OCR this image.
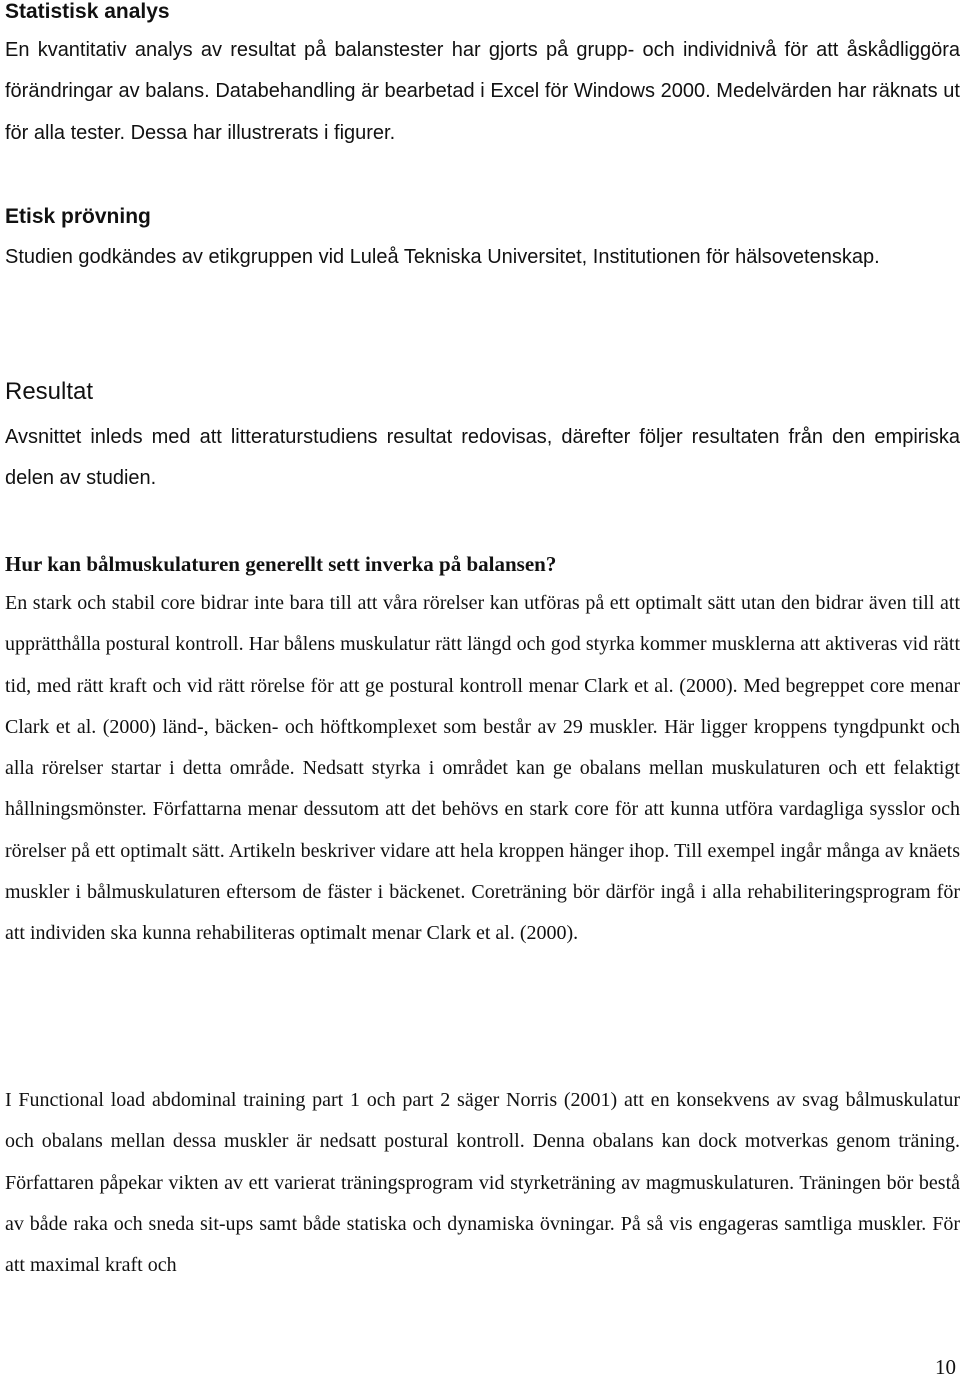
Statistisk analys

En kvantitativ analys av resultat på balanstester har gjorts på grupp- och individnivå för att åskådliggöra förändringar av balans. Databehandling är bearbetad i Excel för Windows 2000. Medelvärden har räknats ut för alla tester. Dessa har illustrerats i figurer.

Etisk prövning

Studien godkändes av etikgruppen vid Luleå Tekniska Universitet, Institutionen för hälsovetenskap.

Resultat

Avsnittet inleds med att litteraturstudiens resultat redovisas, därefter följer resultaten från den empiriska delen av studien.

Hur kan bålmuskulaturen generellt sett inverka på balansen?

En stark och stabil core bidrar inte bara till att våra rörelser kan utföras på ett optimalt sätt utan den bidrar även till att upprätthålla postural kontroll. Har bålens muskulatur rätt längd och god styrka kommer musklerna att aktiveras vid rätt tid, med rätt kraft och vid rätt rörelse för att ge postural kontroll menar Clark et al. (2000). Med begreppet core menar Clark et al. (2000) länd-, bäcken- och höftkomplexet som består av 29 muskler. Här ligger kroppens tyngdpunkt och alla rörelser startar i detta område. Nedsatt styrka i området kan ge obalans mellan muskulaturen och ett felaktigt hållningsmönster. Författarna menar dessutom att det behövs en stark core för att kunna utföra vardagliga sysslor och rörelser på ett optimalt sätt. Artikeln beskriver vidare att hela kroppen hänger ihop. Till exempel ingår många av knäets muskler i bålmuskulaturen eftersom de fäster i bäckenet. Coreträning bör därför ingå i alla rehabiliteringsprogram för att individen ska kunna rehabiliteras optimalt menar Clark et al. (2000).

I Functional load abdominal training part 1 och part 2 säger Norris (2001) att en konsekvens av svag bålmuskulatur och obalans mellan dessa muskler är nedsatt postural kontroll. Denna obalans kan dock motverkas genom träning. Författaren påpekar vikten av ett varierat träningsprogram vid styrketräning av magmuskulaturen. Träningen bör bestå av både raka och sneda sit-ups samt både statiska och dynamiska övningar. På så vis engageras samtliga muskler. För att maximal kraft och

10
